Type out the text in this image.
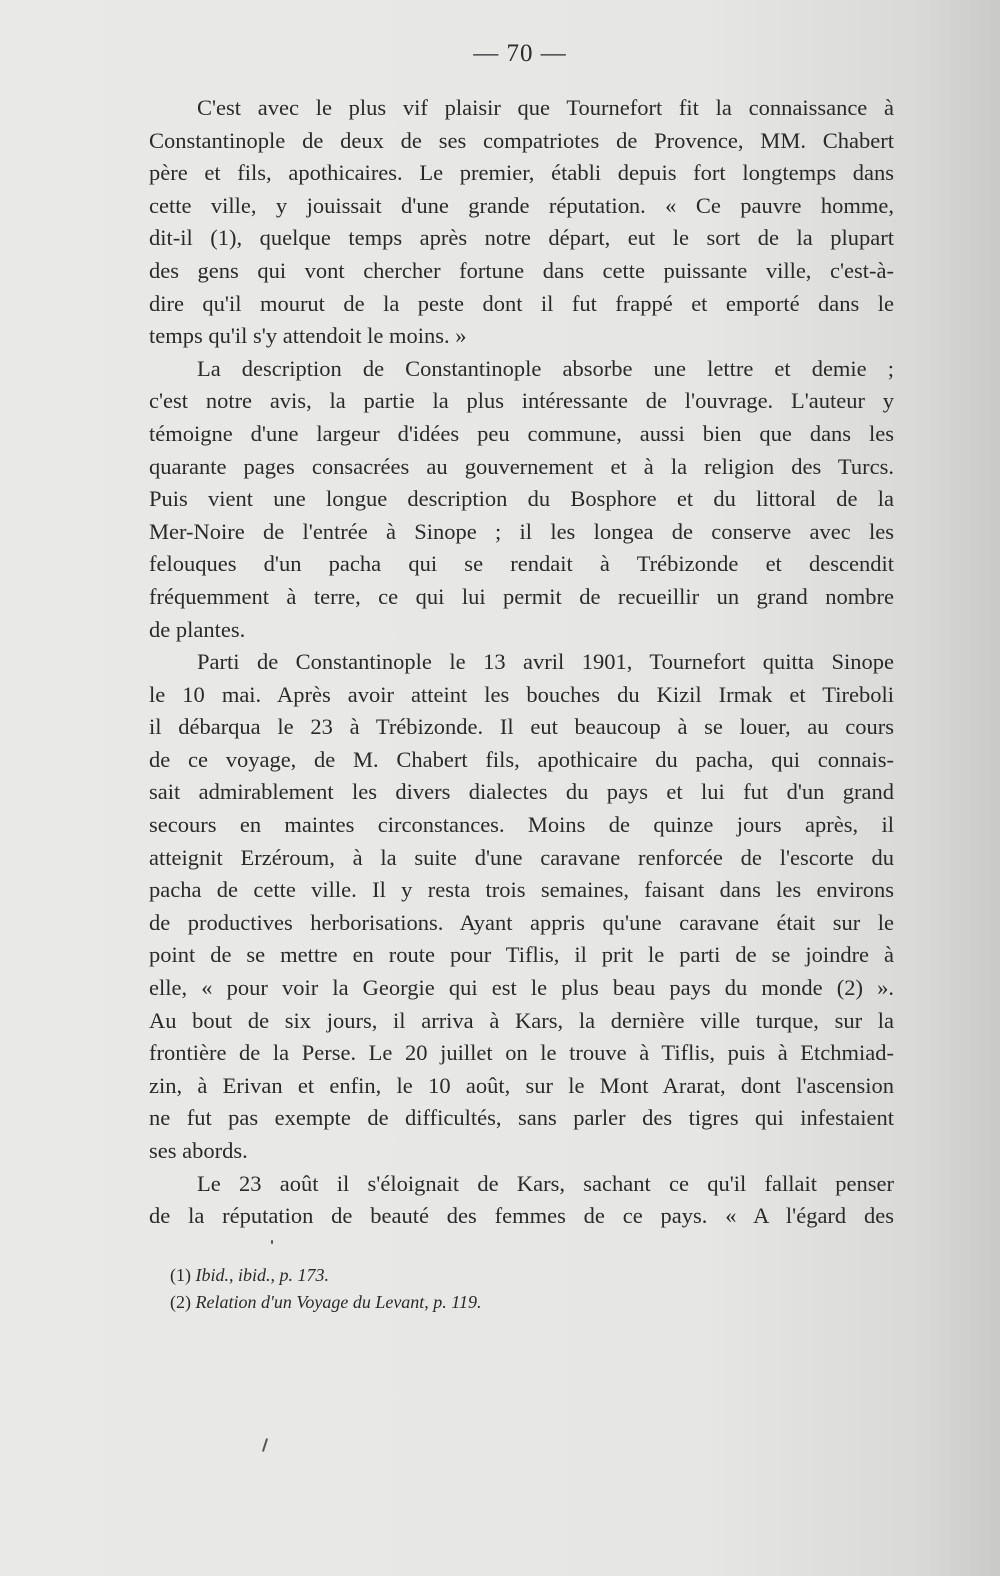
— 70 —
C'est avec le plus vif plaisir que Tournefort fit la connaissance à
Constantinople de deux de ses compatriotes de Provence, MM. Chabert
père et fils, apothicaires. Le premier, établi depuis fort longtemps dans
cette ville, y jouissait d'une grande réputation. « Ce pauvre homme,
dit-il (1), quelque temps après notre départ, eut le sort de la plupart
des gens qui vont chercher fortune dans cette puissante ville, c'est-à-
dire qu'il mourut de la peste dont il fut frappé et emporté dans le
temps qu'il s'y attendoit le moins. »
La description de Constantinople absorbe une lettre et demie ;
c'est notre avis, la partie la plus intéressante de l'ouvrage. L'auteur y
témoigne d'une largeur d'idées peu commune, aussi bien que dans les
quarante pages consacrées au gouvernement et à la religion des Turcs.
Puis vient une longue description du Bosphore et du littoral de la
Mer-Noire de l'entrée à Sinope ; il les longea de conserve avec les
felouques d'un pacha qui se rendait à Trébizonde et descendit
fréquemment à terre, ce qui lui permit de recueillir un grand nombre
de plantes.
Parti de Constantinople le 13 avril 1901, Tournefort quitta Sinope
le 10 mai. Après avoir atteint les bouches du Kizil Irmak et Tireboli
il débarqua le 23 à Trébizonde. Il eut beaucoup à se louer, au cours
de ce voyage, de M. Chabert fils, apothicaire du pacha, qui connais-
sait admirablement les divers dialectes du pays et lui fut d'un grand
secours en maintes circonstances. Moins de quinze jours après, il
atteignit Erzéroum, à la suite d'une caravane renforcée de l'escorte du
pacha de cette ville. Il y resta trois semaines, faisant dans les environs
de productives herborisations. Ayant appris qu'une caravane était sur le
point de se mettre en route pour Tiflis, il prit le parti de se joindre à
elle, « pour voir la Georgie qui est le plus beau pays du monde (2) ».
Au bout de six jours, il arriva à Kars, la dernière ville turque, sur la
frontière de la Perse. Le 20 juillet on le trouve à Tiflis, puis à Etchmiad-
zin, à Erivan et enfin, le 10 août, sur le Mont Ararat, dont l'ascension
ne fut pas exempte de difficultés, sans parler des tigres qui infestaient
ses abords.
Le 23 août il s'éloignait de Kars, sachant ce qu'il fallait penser
de la réputation de beauté des femmes de ce pays. « A l'égard des
(1) Ibid., ibid., p. 173.
(2) Relation d'un Voyage du Levant, p. 119.
